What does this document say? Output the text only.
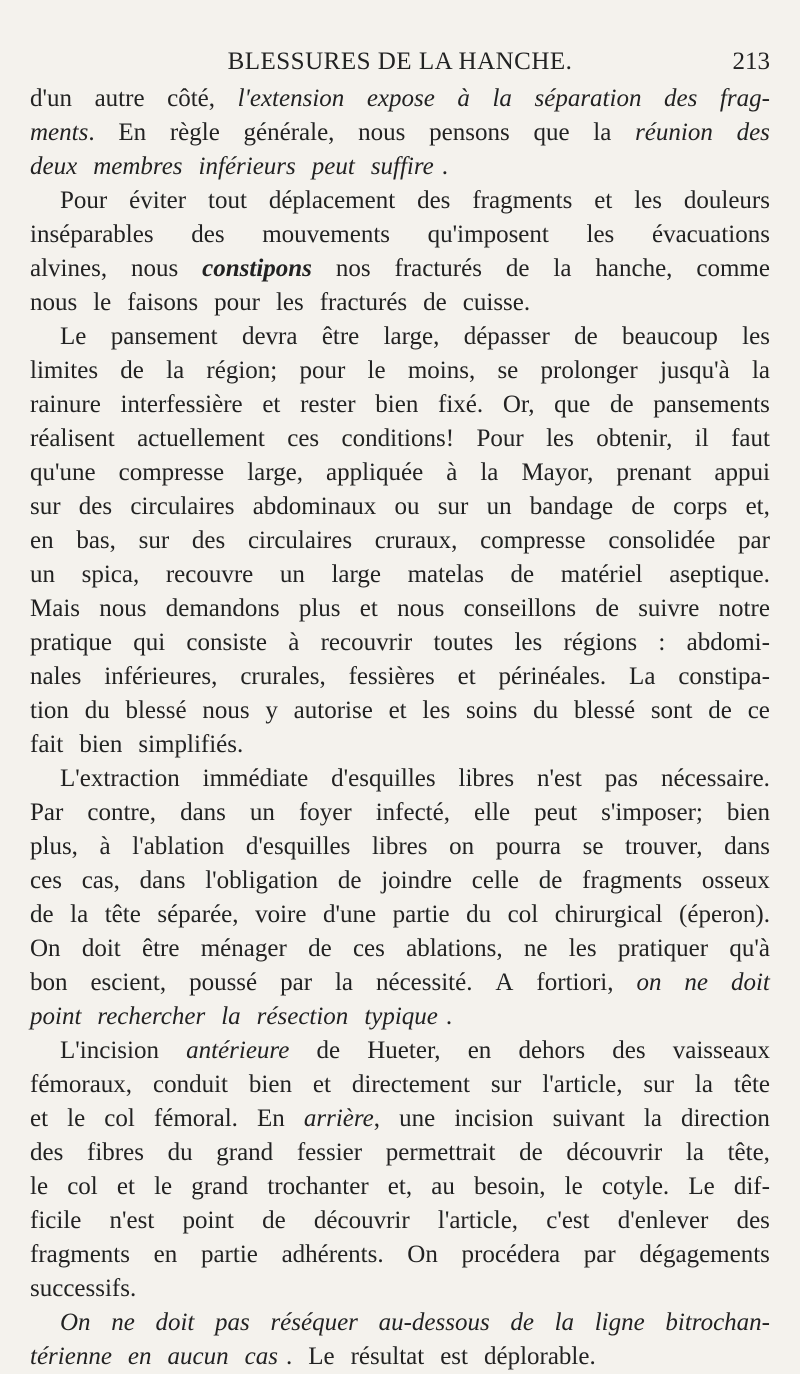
BLESSURES DE LA HANCHE.	213
d'un autre côté, l'extension expose à la séparation des frag-
ments. En règle générale, nous pensons que la réunion des
deux membres inférieurs peut suffire .
Pour éviter tout déplacement des fragments et les douleurs
inséparables des mouvements qu'imposent les évacuations
alvines, nous constipons nos fracturés de la hanche, comme
nous le faisons pour les fracturés de cuisse.
Le pansement devra être large, dépasser de beaucoup les
limites de la région; pour le moins, se prolonger jusqu'à la
rainure interfessière et rester bien fixé. Or, que de pansements
réalisent actuellement ces conditions! Pour les obtenir, il faut
qu'une compresse large, appliquée à la Mayor, prenant appui
sur des circulaires abdominaux ou sur un bandage de corps et,
en bas, sur des circulaires cruraux, compresse consolidée par
un spica, recouvre un large matelas de matériel aseptique.
Mais nous demandons plus et nous conseillons de suivre notre
pratique qui consiste à recouvrir toutes les régions : abdomi-
nales inférieures, crurales, fessières et périnéales. La constipa-
tion du blessé nous y autorise et les soins du blessé sont de ce
fait bien simplifiés.
L'extraction immédiate d'esquilles libres n'est pas nécessaire.
Par contre, dans un foyer infecté, elle peut s'imposer; bien
plus, à l'ablation d'esquilles libres on pourra se trouver, dans
ces cas, dans l'obligation de joindre celle de fragments osseux
de la tête séparée, voire d'une partie du col chirurgical (éperon).
On doit être ménager de ces ablations, ne les pratiquer qu'à
bon escient, poussé par la nécessité. A fortiori, on ne doit
point rechercher la résection typique .
L'incision antérieure de Hueter, en dehors des vaisseaux
fémoraux, conduit bien et directement sur l'article, sur la tête
et le col fémoral. En arrière, une incision suivant la direction
des fibres du grand fessier permettrait de découvrir la tête,
le col et le grand trochanter et, au besoin, le cotyle. Le dif-
ficile n'est point de découvrir l'article, c'est d'enlever des
fragments en partie adhérents. On procédera par dégagements
successifs.
On ne doit pas réséquer au-dessous de la ligne bitrochan-
térienne en aucun cas . Le résultat est déplorable.
